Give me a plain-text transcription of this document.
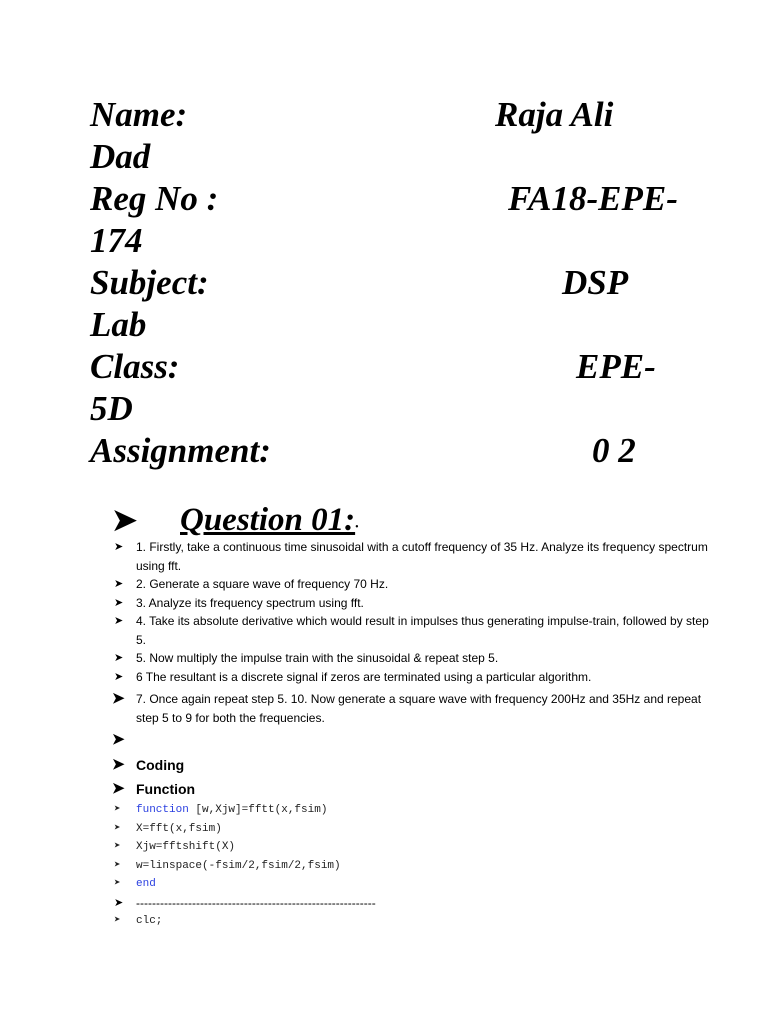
Name:	Raja Ali
Dad
Reg No :	FA18-EPE-
174
Subject:	DSP
Lab
Class:	EPE-
5D
Assignment:	0 2
➤ Question 01:•
➤ 1. Firstly, take a continuous time sinusoidal with a cutoff frequency of 35 Hz. Analyze its frequency spectrum using fft.
➤ 2. Generate a square wave of frequency 70 Hz.
➤ 3. Analyze its frequency spectrum using fft.
➤ 4. Take its absolute derivative which would result in impulses thus generating impulse-train, followed by step 5.
➤ 5. Now multiply the impulse train with the sinusoidal & repeat step 5.
➤ 6 The resultant is a discrete signal if zeros are terminated using a particular algorithm.
➤ 7. Once again repeat step 5. 10. Now generate a square wave with frequency 200Hz and 35Hz and repeat step 5 to 9 for both the frequencies.
➤
➤ Coding
➤ Function
➤ function [w,Xjw]=fftt(x,fsim)
➤ X=fft(x,fsim)
➤ Xjw=fftshift(X)
➤ w=linspace(-fsim/2,fsim/2,fsim)
➤ end
➤ ------------------------------------------------------------
➤ clc;
